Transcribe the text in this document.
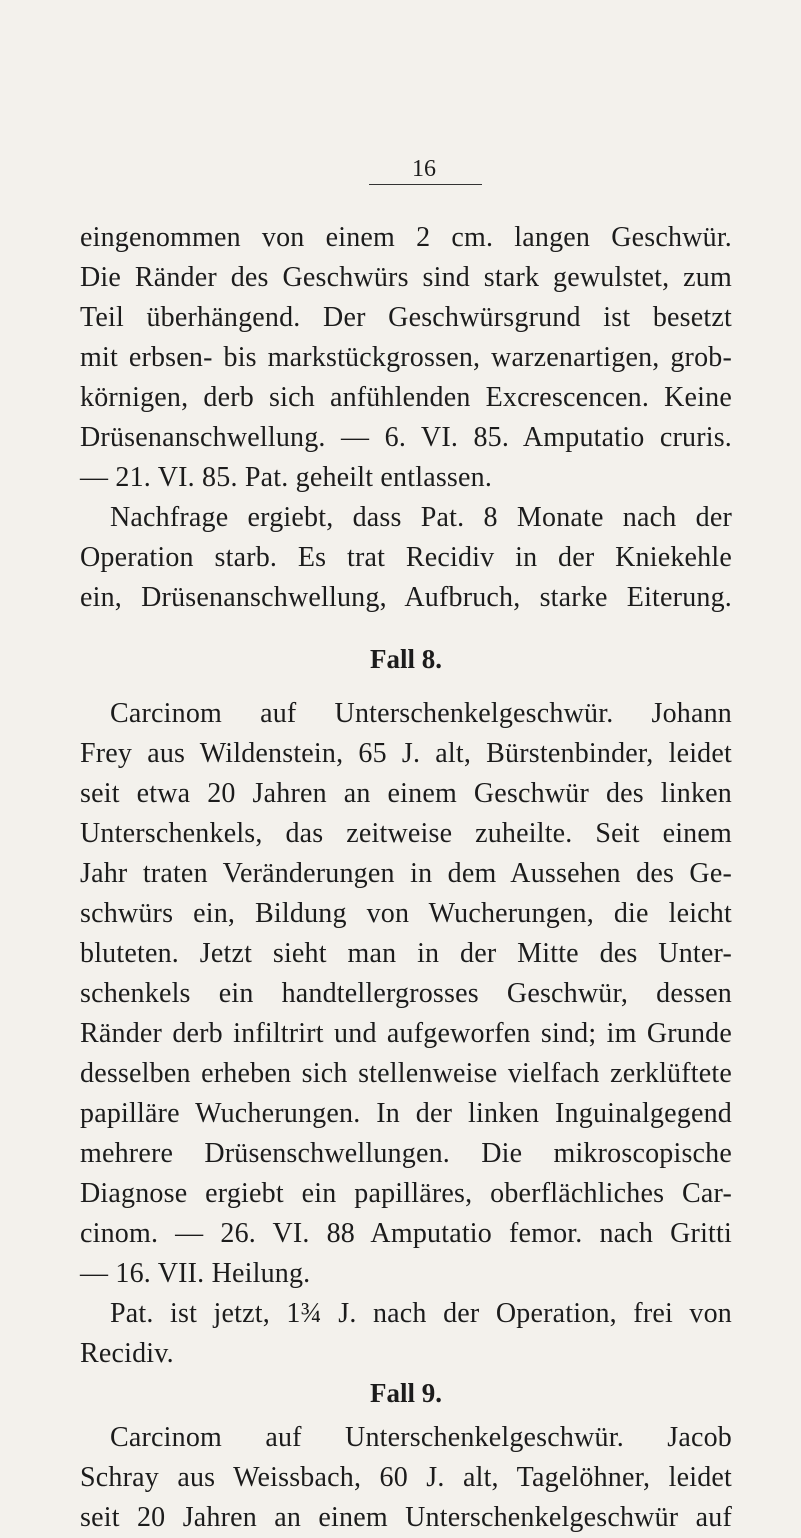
16
eingenommen von einem 2 cm. langen Geschwür.
Die Ränder des Geschwürs sind stark gewulstet, zum
Teil überhängend. Der Geschwürsgrund ist besetzt
mit erbsen- bis markstückgrossen, warzenartigen, grob-
körnigen, derb sich anfühlenden Excrescencen. Keine
Drüsenanschwellung. — 6. VI. 85. Amputatio cruris.
— 21. VI. 85. Pat. geheilt entlassen.
Nachfrage ergiebt, dass Pat. 8 Monate nach der
Operation starb. Es trat Recidiv in der Kniekehle
ein, Drüsenanschwellung, Aufbruch, starke Eiterung.
Fall 8.
Carcinom auf Unterschenkelgeschwür. Johann
Frey aus Wildenstein, 65 J. alt, Bürstenbinder, leidet
seit etwa 20 Jahren an einem Geschwür des linken
Unterschenkels, das zeitweise zuheilte. Seit einem
Jahr traten Veränderungen in dem Aussehen des Ge-
schwürs ein, Bildung von Wucherungen, die leicht
bluteten. Jetzt sieht man in der Mitte des Unter-
schenkels ein handtellergrosses Geschwür, dessen
Ränder derb infiltrirt und aufgeworfen sind; im Grunde
desselben erheben sich stellenweise vielfach zerklüftete
papilläre Wucherungen. In der linken Inguinalgegend
mehrere Drüsenschwellungen. Die mikroscopische
Diagnose ergiebt ein papilläres, oberflächliches Car-
cinom. — 26. VI. 88 Amputatio femor. nach Gritti
— 16. VII. Heilung.
Pat. ist jetzt, 1¾ J. nach der Operation, frei von
Recidiv.
Fall 9.
Carcinom auf Unterschenkelgeschwür. Jacob
Schray aus Weissbach, 60 J. alt, Tagelöhner, leidet
seit 20 Jahren an einem Unterschenkelgeschwür auf
